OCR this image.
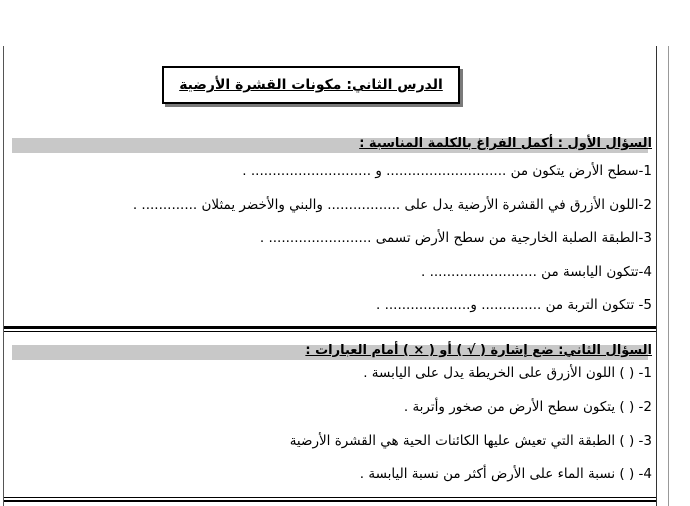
الدرس الثاني: مكونات القشرة الأرضية
السؤال الأول : أكمل الفراغ بالكلمة المناسبة :
1-سطح الأرض يتكون من ............................ و ............................ .
2-اللون الأزرق في القشرة الأرضية يدل على ................. والبني والأخضر يمثلان ............. .
3-الطبقة الصلبة الخارجية من سطح الأرض تسمى ........................ .
4-تتكون اليابسة من ......................... .
5- تتكون التربة من .............. و.................... .
السؤال الثاني: ضع إشارة ( √ ) أو ( × ) أمام العبارات :
1- ( ) اللون الأزرق على الخريطة يدل على اليابسة .
2- ( ) يتكون سطح الأرض من صخور وأتربة .
3- ( ) الطبقة التي تعيش عليها الكائنات الحية هي القشرة الأرضية
4- ( ) نسبة الماء على الأرض أكثر من نسبة اليابسة .
